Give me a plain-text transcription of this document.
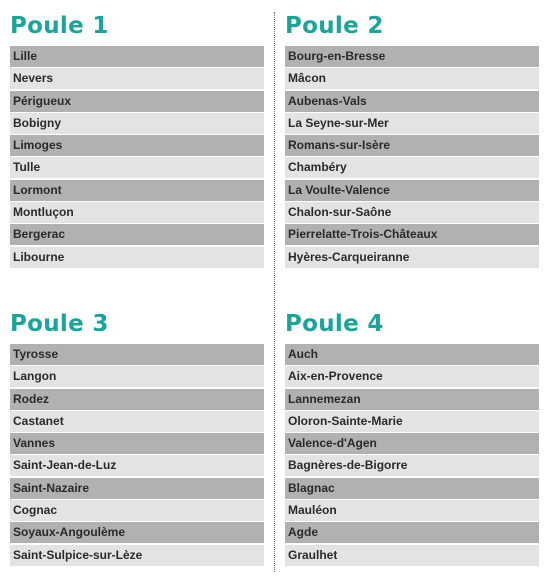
Poule 1
Lille
Nevers
Périgueux
Bobigny
Limoges
Tulle
Lormont
Montluçon
Bergerac
Libourne
Poule 2
Bourg-en-Bresse
Mâcon
Aubenas-Vals
La Seyne-sur-Mer
Romans-sur-Isère
Chambéry
La Voulte-Valence
Chalon-sur-Saône
Pierrelatte-Trois-Châteaux
Hyères-Carqueiranne
Poule 3
Tyrosse
Langon
Rodez
Castanet
Vannes
Saint-Jean-de-Luz
Saint-Nazaire
Cognac
Soyaux-Angoulème
Saint-Sulpice-sur-Lèze
Poule 4
Auch
Aix-en-Provence
Lannemezan
Oloron-Sainte-Marie
Valence-d'Agen
Bagnères-de-Bigorre
Blagnac
Mauléon
Agde
Graulhet
